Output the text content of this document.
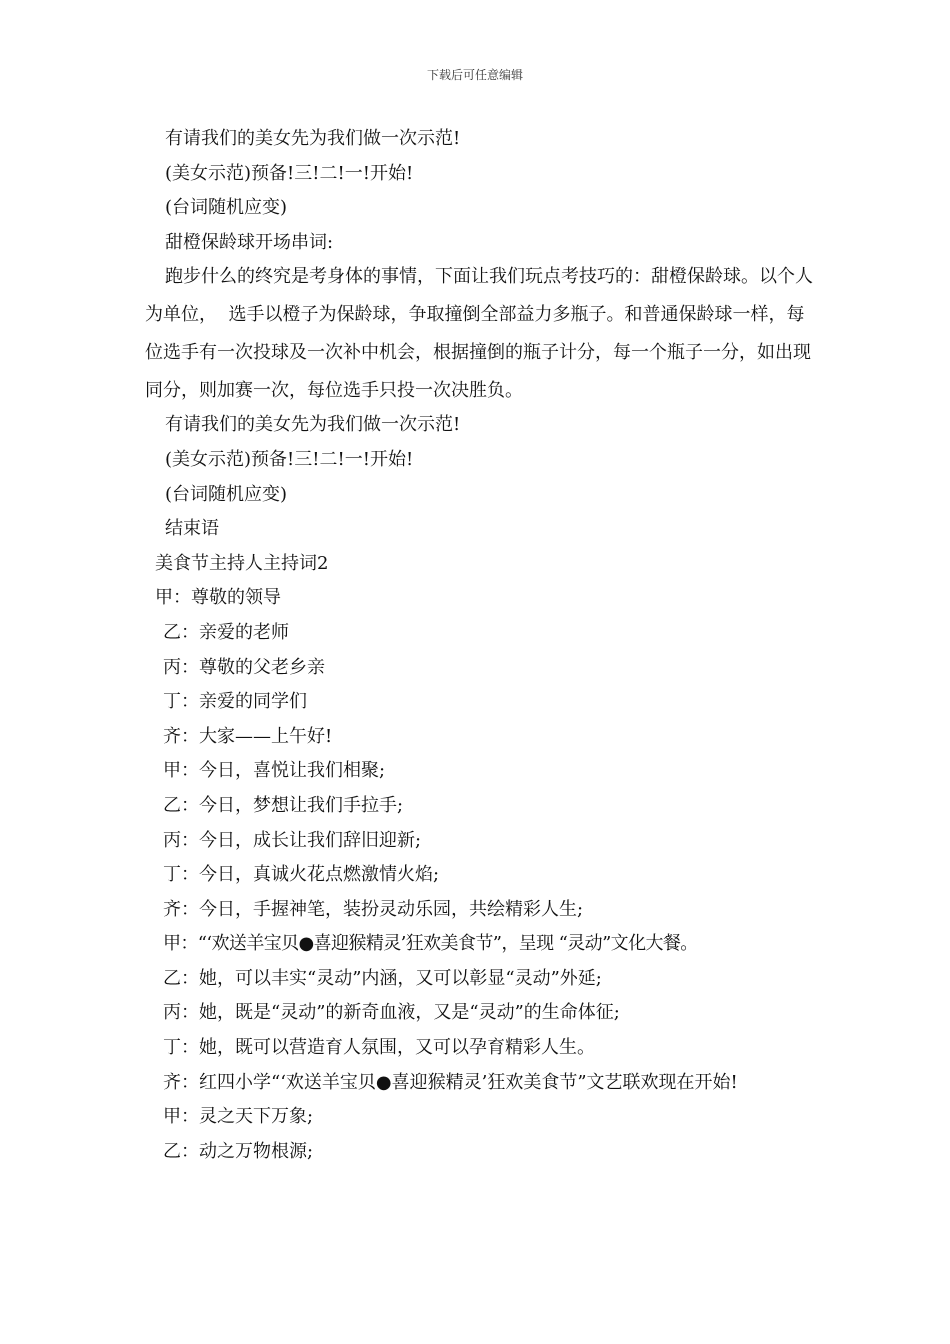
下载后可任意编辑

有请我们的美女先为我们做一次示范!

(美女示范)预备!三!二!一!开始!

(台词随机应变)

甜橙保龄球开场串词:

跑步什么的终究是考身体的事情，下面让我们玩点考技巧的：甜橙保龄球。以个人为单位，  选手以橙子为保龄球，争取撞倒全部益力多瓶子。和普通保龄球一样，每位选手有一次投球及一次补中机会，根据撞倒的瓶子计分，每一个瓶子一分，如出现同分，则加赛一次，每位选手只投一次决胜负。

有请我们的美女先为我们做一次示范!

(美女示范)预备!三!二!一!开始!

(台词随机应变)

结束语

美食节主持人主持词2

甲：尊敬的领导

乙：亲爱的老师

丙：尊敬的父老乡亲

丁：亲爱的同学们

齐：大家——上午好!

甲：今日，喜悦让我们相聚;

乙：今日，梦想让我们手拉手;

丙：今日，成长让我们辞旧迎新;

丁：今日，真诚火花点燃激情火焰;

齐：今日，手握神笔，装扮灵动乐园，共绘精彩人生;

甲：“‘欢送羊宝贝●喜迎猴精灵’狂欢美食节”，呈现 “灵动”文化大餐。

乙：她，可以丰实“灵动”内涵，又可以彰显“灵动”外延;

丙：她，既是“灵动”的新奇血液，又是“灵动”的生命体征;

丁：她，既可以营造育人氛围，又可以孕育精彩人生。

齐：红四小学“‘欢送羊宝贝●喜迎猴精灵’狂欢美食节”文艺联欢现在开始!

甲：灵之天下万象;

乙：动之万物根源;
